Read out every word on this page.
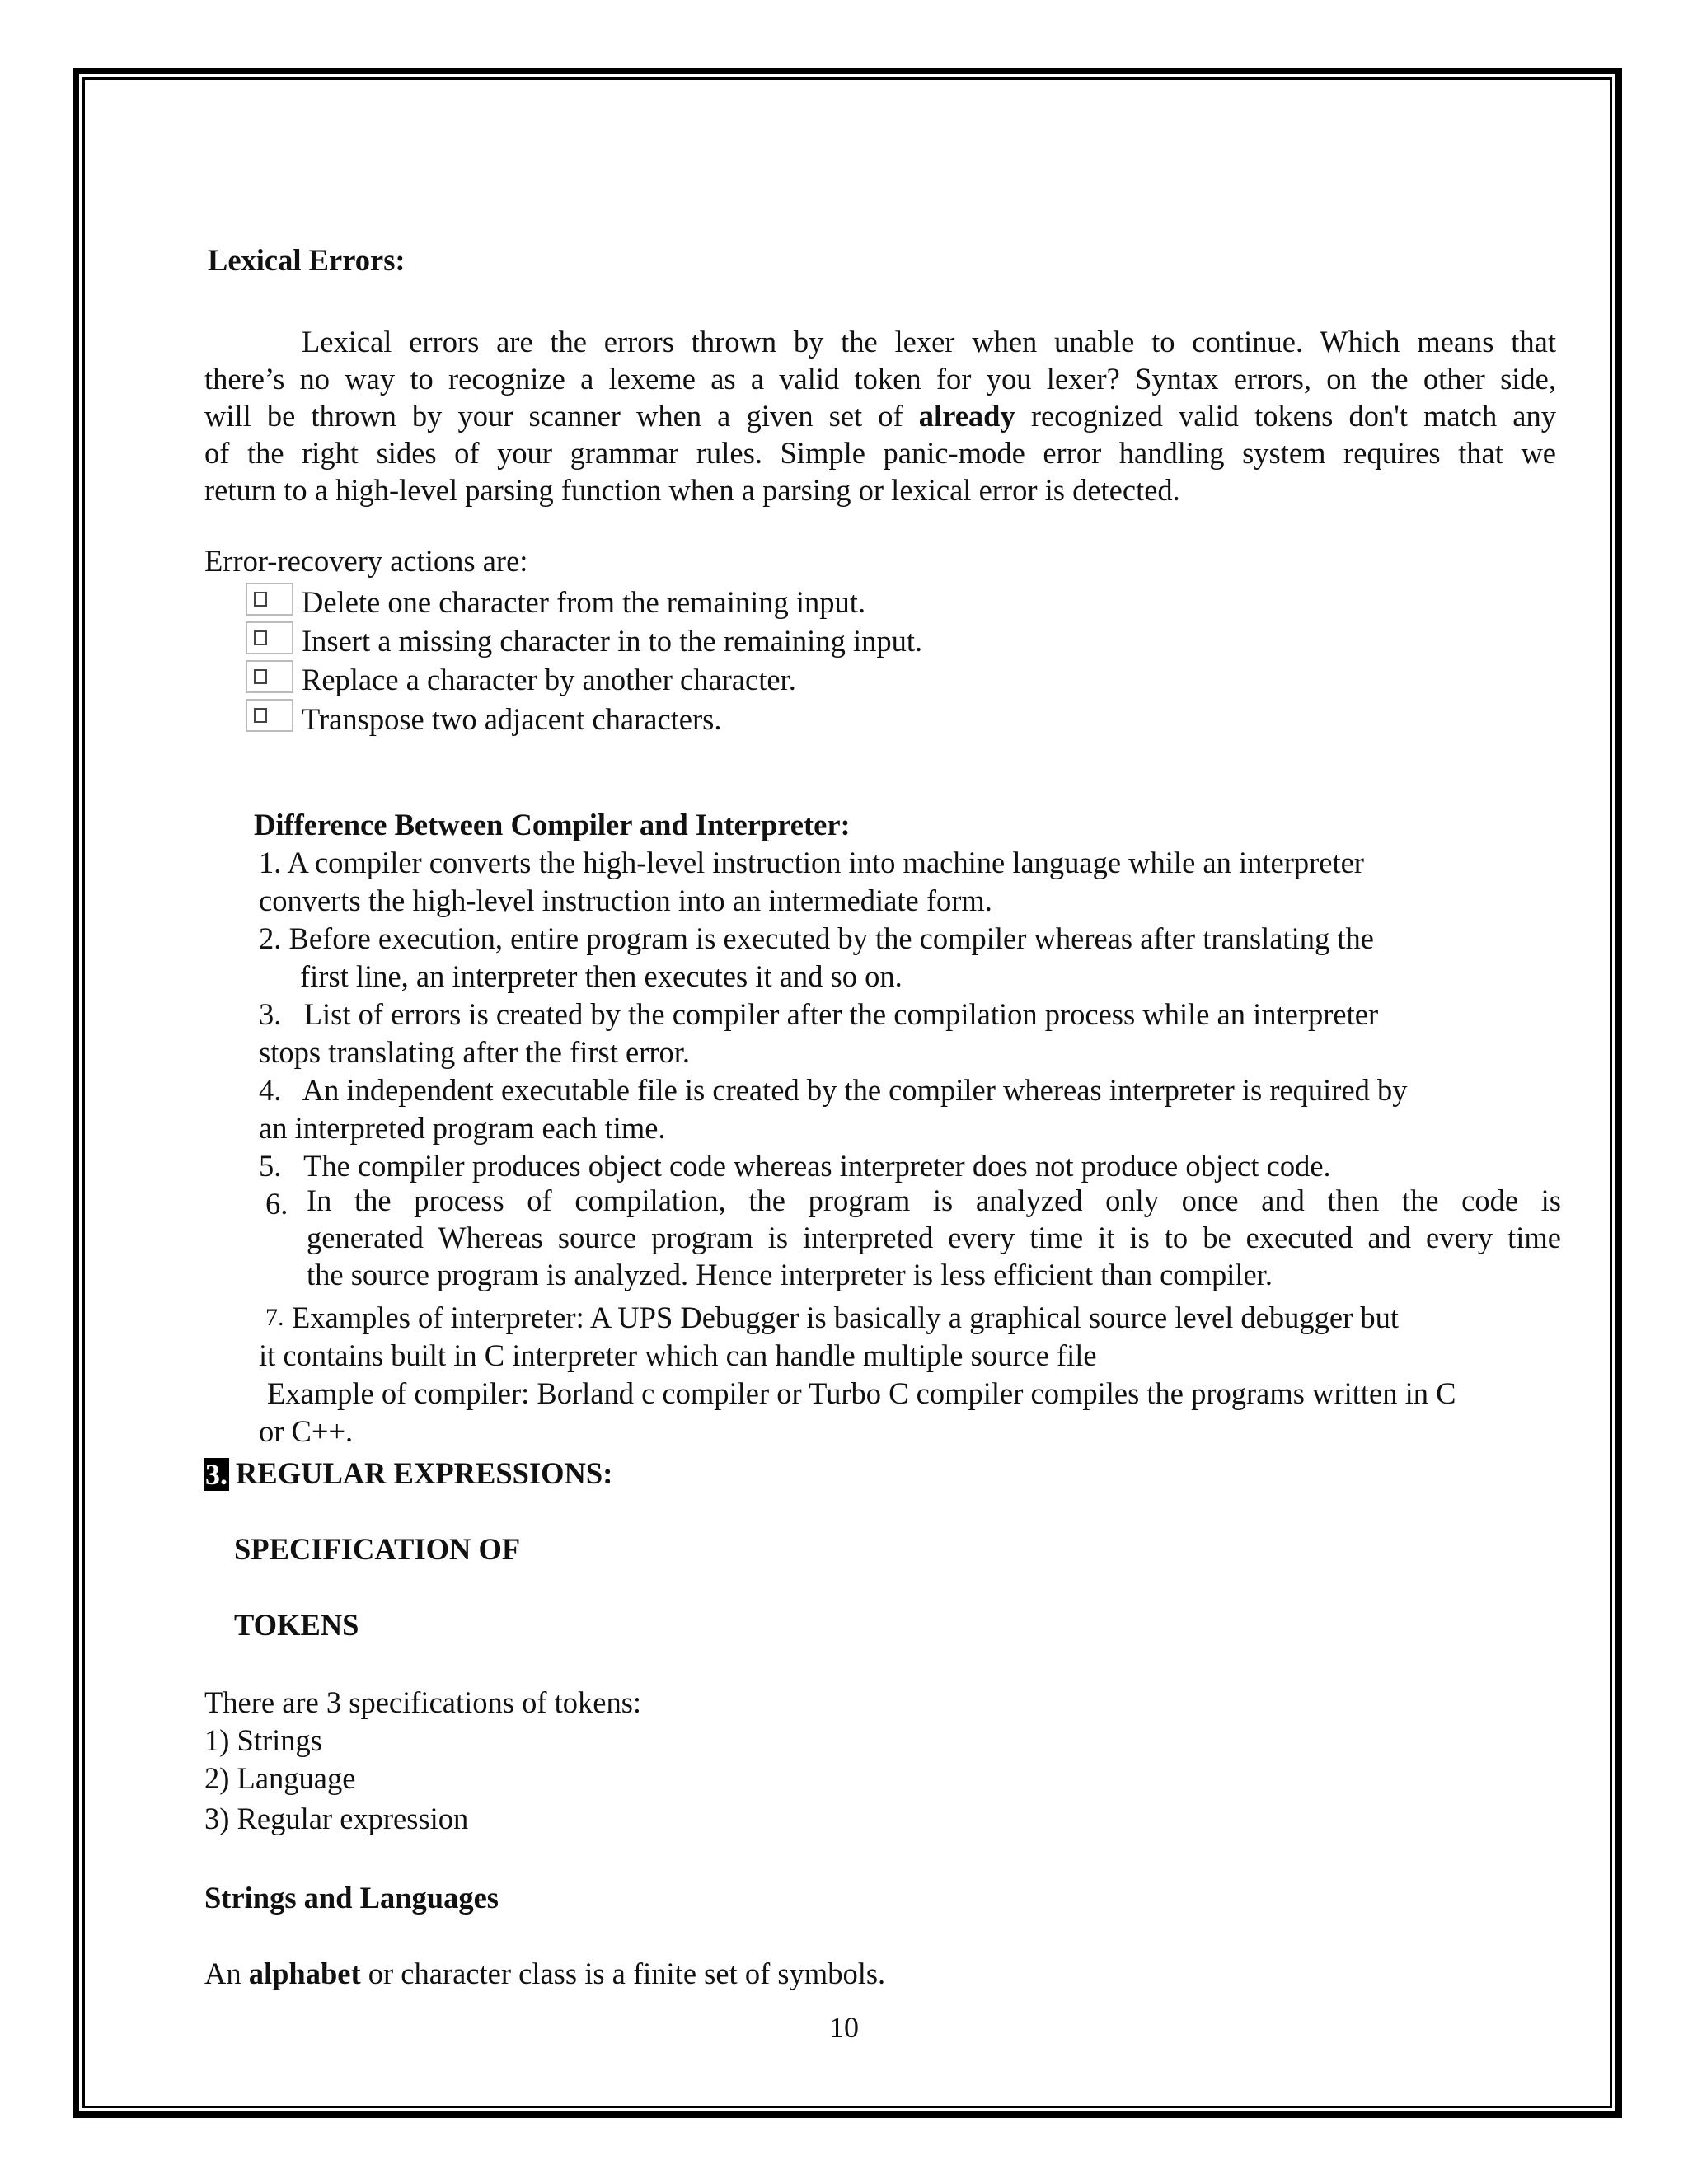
Lexical Errors:
Lexical errors are the errors thrown by the lexer when unable to continue. Which means that
there’s no way to recognize a lexeme as a valid token for you lexer? Syntax errors, on the other side,
will be thrown by your scanner when a given set of already recognized valid tokens don't match any
of the right sides of your grammar rules. Simple panic-mode error handling system requires that we
return to a high-level parsing function when a parsing or lexical error is detected.
Error-recovery actions are:
Delete one character from the remaining input.
Insert a missing character in to the remaining input.
Replace a character by another character.
Transpose two adjacent characters.
Difference Between Compiler and Interpreter:
1. A compiler converts the high-level instruction into machine language while an interpreter
converts the high-level instruction into an intermediate form.
2. Before execution, entire program is executed by the compiler whereas after translating the
first line, an interpreter then executes it and so on.
3.   List of errors is created by the compiler after the compilation process while an interpreter
stops translating after the first error.
4.   An independent executable file is created by the compiler whereas interpreter is required by
an interpreted program each time.
5.   The compiler produces object code whereas interpreter does not produce object code.
6. In the process of compilation, the program is analyzed only once and then the code is
generated Whereas source program is interpreted every time it is to be executed and every time
the source program is analyzed. Hence interpreter is less efficient than compiler.
7. Examples of interpreter: A UPS Debugger is basically a graphical source level debugger but
it contains built in C interpreter which can handle multiple source file
Example of compiler: Borland c compiler or Turbo C compiler compiles the programs written in C
or C++.
3. REGULAR EXPRESSIONS:
SPECIFICATION OF
TOKENS
There are 3 specifications of tokens:
1) Strings
2) Language
3) Regular expression
Strings and Languages
An alphabet or character class is a finite set of symbols.
10
